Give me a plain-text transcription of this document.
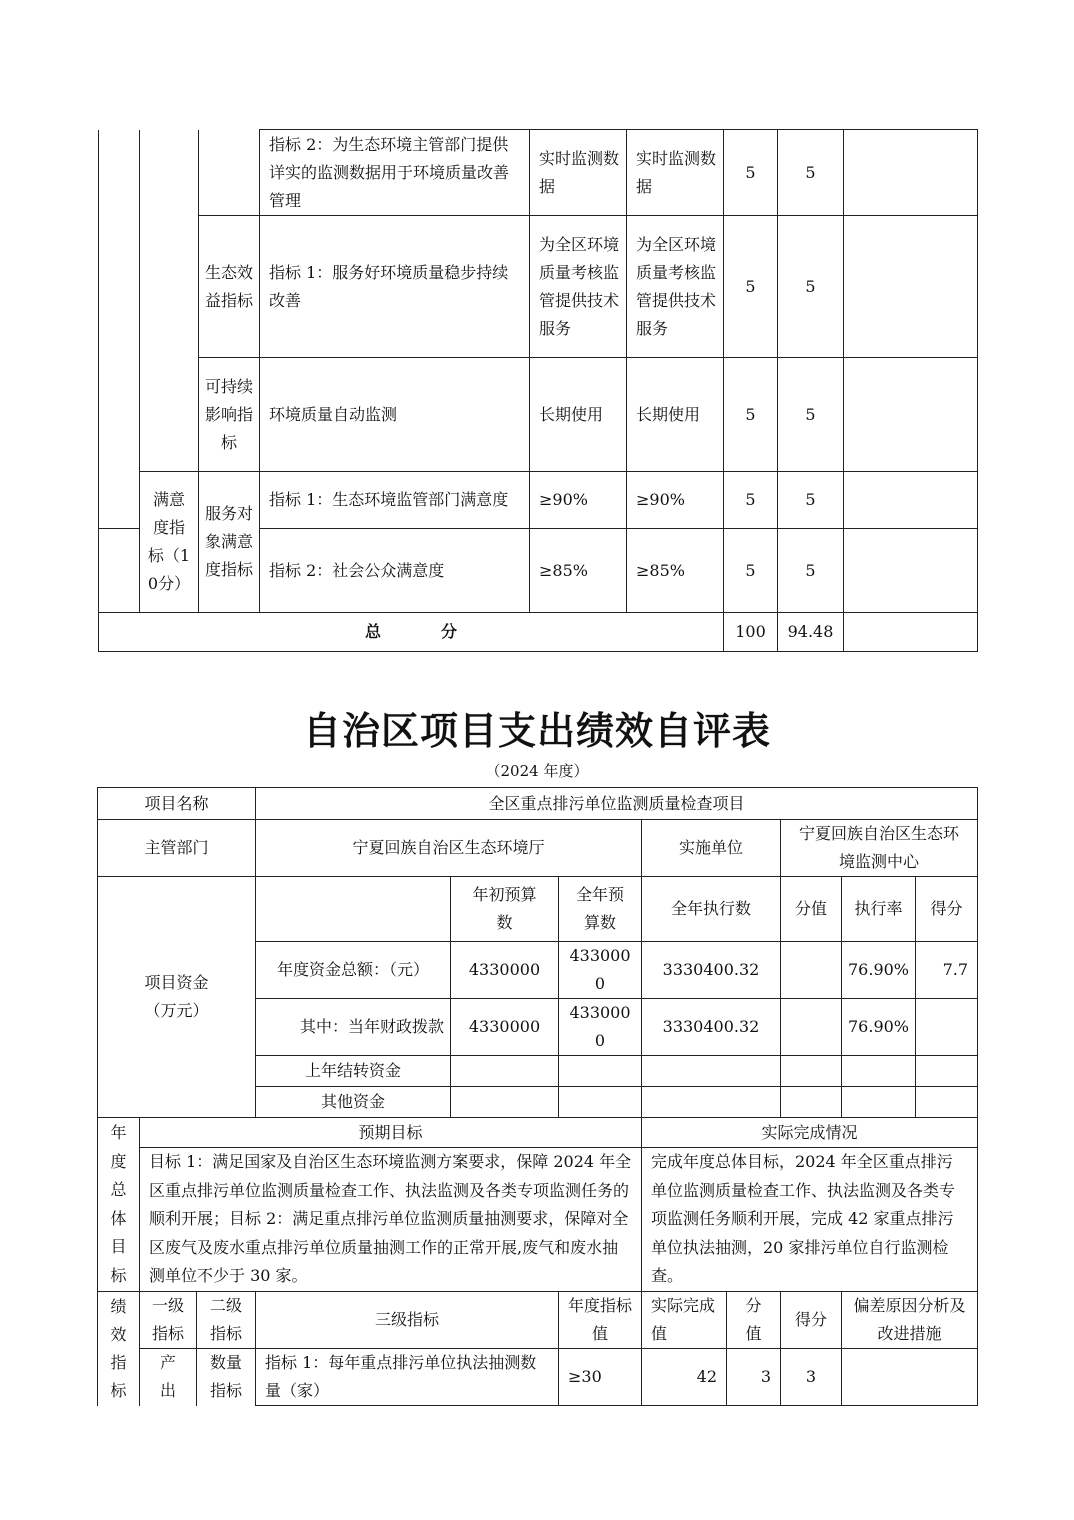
			指标 2：为生态环境主管部门提供详实的监测数据用于环境质量改善管理	实时监测数据	实时监测数据	5	5	
		生态效益指标	指标 1：服务好环境质量稳步持续改善	为全区环境质量考核监管提供技术服务	为全区环境质量考核监管提供技术服务	5	5	
		可持续影响指标	环境质量自动监测	长期使用	长期使用	5	5	
	满意度指标（10分）	服务对象满意度指标	指标 1：生态环境监管部门满意度	≥90%	≥90%	5	5	
			指标 2：社会公众满意度	≥85%	≥85%	5	5	
总分						100	94.48	
自治区项目支出绩效自评表
（2024 年度）
项目名称			全区重点排污单位监测质量检查项目							
主管部门			宁夏回族自治区生态环境厅			实施单位		宁夏回族自治区生态环境监测中心		
项目资金（万元）				年初预算数	全年预算数	全年执行数		分值	执行率	得分
			年度资金总额：（元）	4330000	4330000	3330400.32			76.90%	7.7
			其中：当年财政拨款	4330000	4330000	3330400.32			76.90%	
			上年结转资金							
			其他资金							
年度总体目标	预期目标					实际完成情况				
	目标 1：满足国家及自治区生态环境监测方案要求，保障 2024 年全区重点排污单位监测质量检查工作、执法监测及各类专项监测任务的顺利开展；目标 2：满足重点排污单位监测质量抽测要求，保障对全区废气及废水重点排污单位质量抽测工作的正常开展,废气和废水抽测单位不少于 30 家。					完成年度总体目标，2024 年全区重点排污单位监测质量检查工作、执法监测及各类专项监测任务顺利开展，完成 42 家重点排污单位执法抽测，20 家排污单位自行监测检查。				
绩效指标	一级指标	二级指标	三级指标		年度指标值	实际完成值	分值	得分	偏差原因分析及改进措施	
	产出	数量指标	指标 1：每年重点排污单位执法抽测数量（家）		≥30	42	3	3		
